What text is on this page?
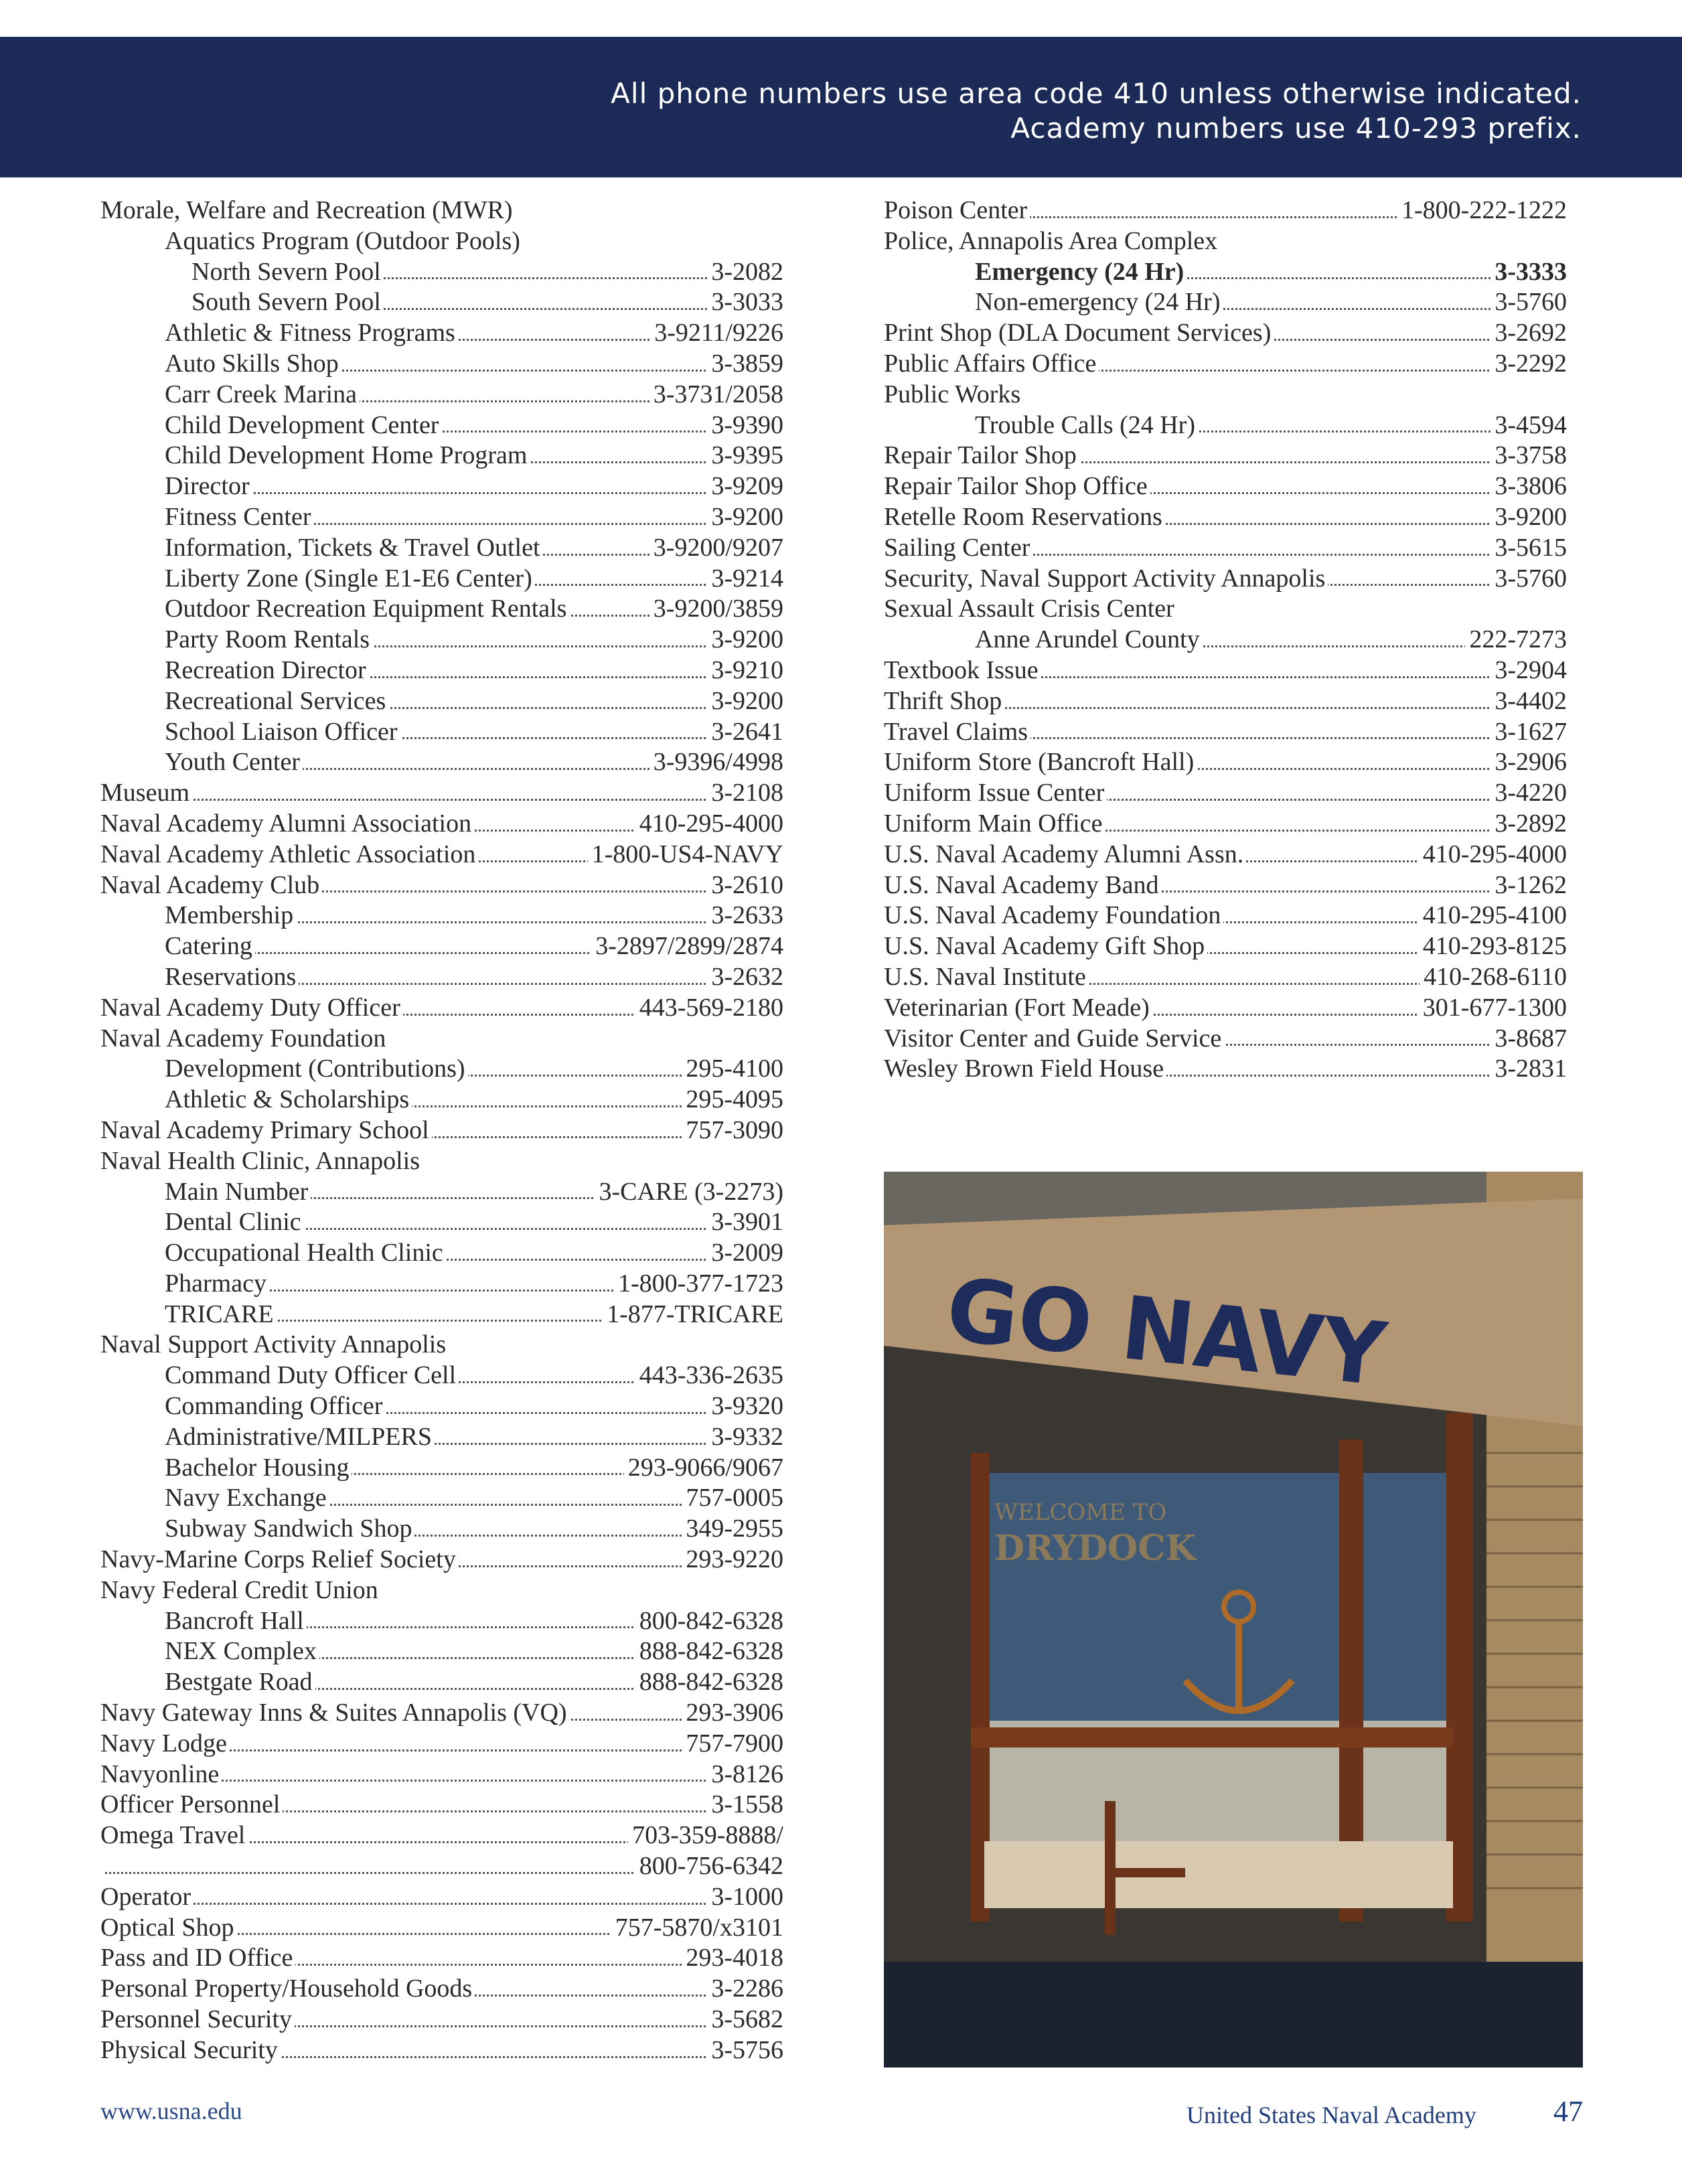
All phone numbers use area code 410 unless otherwise indicated.
Academy numbers use 410-293 prefix.
Morale, Welfare and Recreation (MWR)
Aquatics Program (Outdoor Pools)
North Severn Pool	3-2082
South Severn Pool	3-3033
Athletic & Fitness Programs	3-9211/9226
Auto Skills Shop	3-3859
Carr Creek Marina	3-3731/2058
Child Development Center	3-9390
Child Development Home Program	3-9395
Director	3-9209
Fitness Center	3-9200
Information, Tickets & Travel Outlet	3-9200/9207
Liberty Zone (Single E1-E6 Center)	3-9214
Outdoor Recreation Equipment Rentals	3-9200/3859
Party Room Rentals	3-9200
Recreation Director	3-9210
Recreational Services	3-9200
School Liaison Officer	3-2641
Youth Center	3-9396/4998
Museum	3-2108
Naval Academy Alumni Association	410-295-4000
Naval Academy Athletic Association	1-800-US4-NAVY
Naval Academy Club	3-2610
Membership	3-2633
Catering	3-2897/2899/2874
Reservations	3-2632
Naval Academy Duty Officer	443-569-2180
Naval Academy Foundation
Development (Contributions)	295-4100
Athletic & Scholarships	295-4095
Naval Academy Primary School	757-3090
Naval Health Clinic, Annapolis
Main Number	3-CARE (3-2273)
Dental Clinic	3-3901
Occupational Health Clinic	3-2009
Pharmacy	1-800-377-1723
TRICARE	1-877-TRICARE
Naval Support Activity Annapolis
Command Duty Officer Cell	443-336-2635
Commanding Officer	3-9320
Administrative/MILPERS	3-9332
Bachelor Housing	293-9066/9067
Navy Exchange	757-0005
Subway Sandwich Shop	349-2955
Navy-Marine Corps Relief Society	293-9220
Navy Federal Credit Union
Bancroft Hall	800-842-6328
NEX Complex	888-842-6328
Bestgate Road	888-842-6328
Navy Gateway Inns & Suites Annapolis (VQ)	293-3906
Navy Lodge	757-7900
Navyonline	3-8126
Officer Personnel	3-1558
Omega Travel	703-359-8888/
800-756-6342
Operator	3-1000
Optical Shop	757-5870/x3101
Pass and ID Office	293-4018
Personal Property/Household Goods	3-2286
Personnel Security	3-5682
Physical Security	3-5756
Poison Center	1-800-222-1222
Police, Annapolis Area Complex
Emergency (24 Hr)	3-3333
Non-emergency (24 Hr)	3-5760
Print Shop (DLA Document Services)	3-2692
Public Affairs Office	3-2292
Public Works
Trouble Calls (24 Hr)	3-4594
Repair Tailor Shop	3-3758
Repair Tailor Shop Office	3-3806
Retelle Room Reservations	3-9200
Sailing Center	3-5615
Security, Naval Support Activity Annapolis	3-5760
Sexual Assault Crisis Center
Anne Arundel County	222-7273
Textbook Issue	3-2904
Thrift Shop	3-4402
Travel Claims	3-1627
Uniform Store (Bancroft Hall)	3-2906
Uniform Issue Center	3-4220
Uniform Main Office	3-2892
U.S. Naval Academy Alumni Assn.	410-295-4000
U.S. Naval Academy Band	3-1262
U.S. Naval Academy Foundation	410-295-4100
U.S. Naval Academy Gift Shop	410-293-8125
U.S. Naval Institute	410-268-6110
Veterinarian (Fort Meade)	301-677-1300
Visitor Center and Guide Service	3-8687
Wesley Brown Field House	3-2831
GO NAVY
WELCOME TO
DRYDOCK
www.usna.edu	United States Naval Academy	47
